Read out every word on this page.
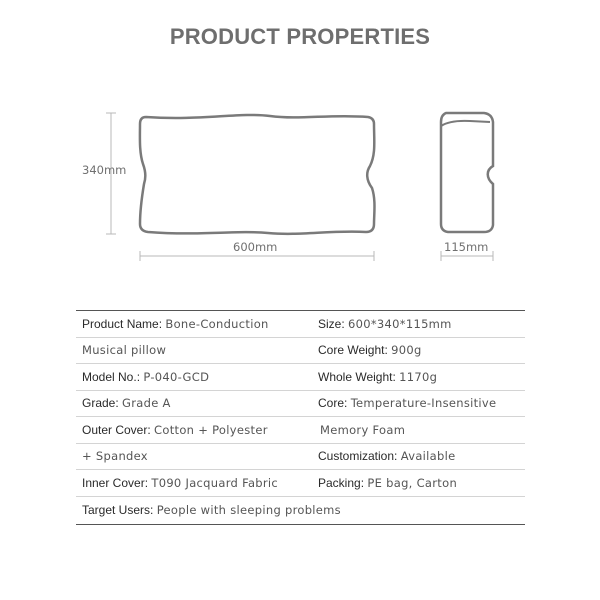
PRODUCT PROPERTIES
340mm
600mm	115mm
Product Name: Bone-Conduction	Size: 600*340*115mm
Musical pillow	Core Weight: 900g
Model No.: P-040-GCD	Whole Weight: 1170g
Grade: Grade A	Core: Temperature-Insensitive
Outer Cover: Cotton + Polyester	Memory Foam
+ Spandex	Customization: Available
Inner Cover: T090 Jacquard Fabric	Packing: PE bag, Carton
Target Users: People with sleeping problems
